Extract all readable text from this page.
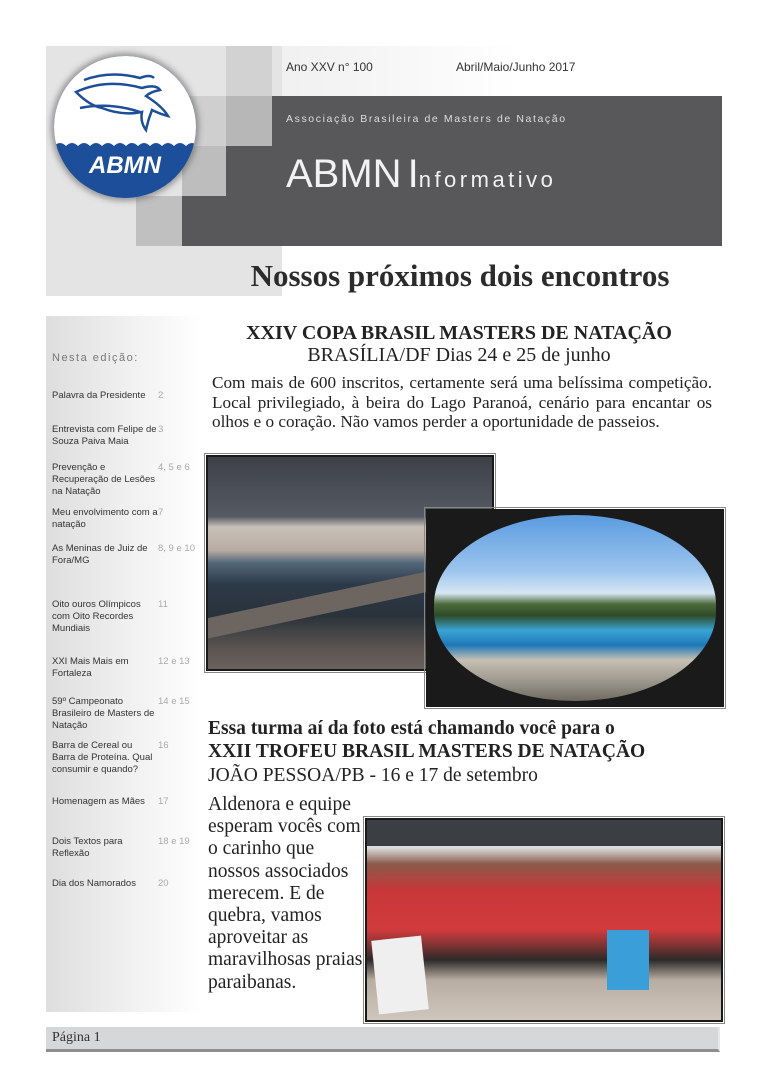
ABMN
Ano XXV n° 100	Abril/Maio/Junho 2017
Associação Brasileira de Masters de Natação
ABMN Informativo
Nossos próximos dois encontros
Nesta edição:
Palavra da Presidente 2
Entrevista com Felipe de Souza Paiva Maia3
Prevenção e Recuperação de Lesões na Natação4, 5 e 6
Meu envolvimento com a natação7
As Meninas de Juiz de Fora/MG8, 9 e 10
Oito ouros Olímpicos com Oito Recordes Mundiais11
XXI Mais Mais em Fortaleza12 e 13
59º Campeonato Brasileiro de Masters de Natação14 e 15
Barra de Cereal ou Barra de Proteína. Qual consumir e quando?16
Homenagem as Mães 17
Dois Textos para Reflexão18 e 19
Dia dos Namorados 20
XXIV COPA BRASIL MASTERS DE NATAÇÃO
BRASÍLIA/DF Dias 24 e 25 de junho
Com mais de 600 inscritos, certamente será uma belíssima competição. Local privilegiado, à beira do Lago Paranoá, cenário para encantar os olhos e o coração. Não vamos perder a oportunidade de passeios.
Essa turma aí da foto está chamando você para o
XXII TROFEU BRASIL MASTERS DE NATAÇÃO
JOÃO PESSOA/PB - 16 e 17 de setembro
Aldenora e equipe esperam vocês com o carinho que nossos associados merecem. E de quebra, vamos aproveitar as maravilhosas praias paraibanas.
Página 1
